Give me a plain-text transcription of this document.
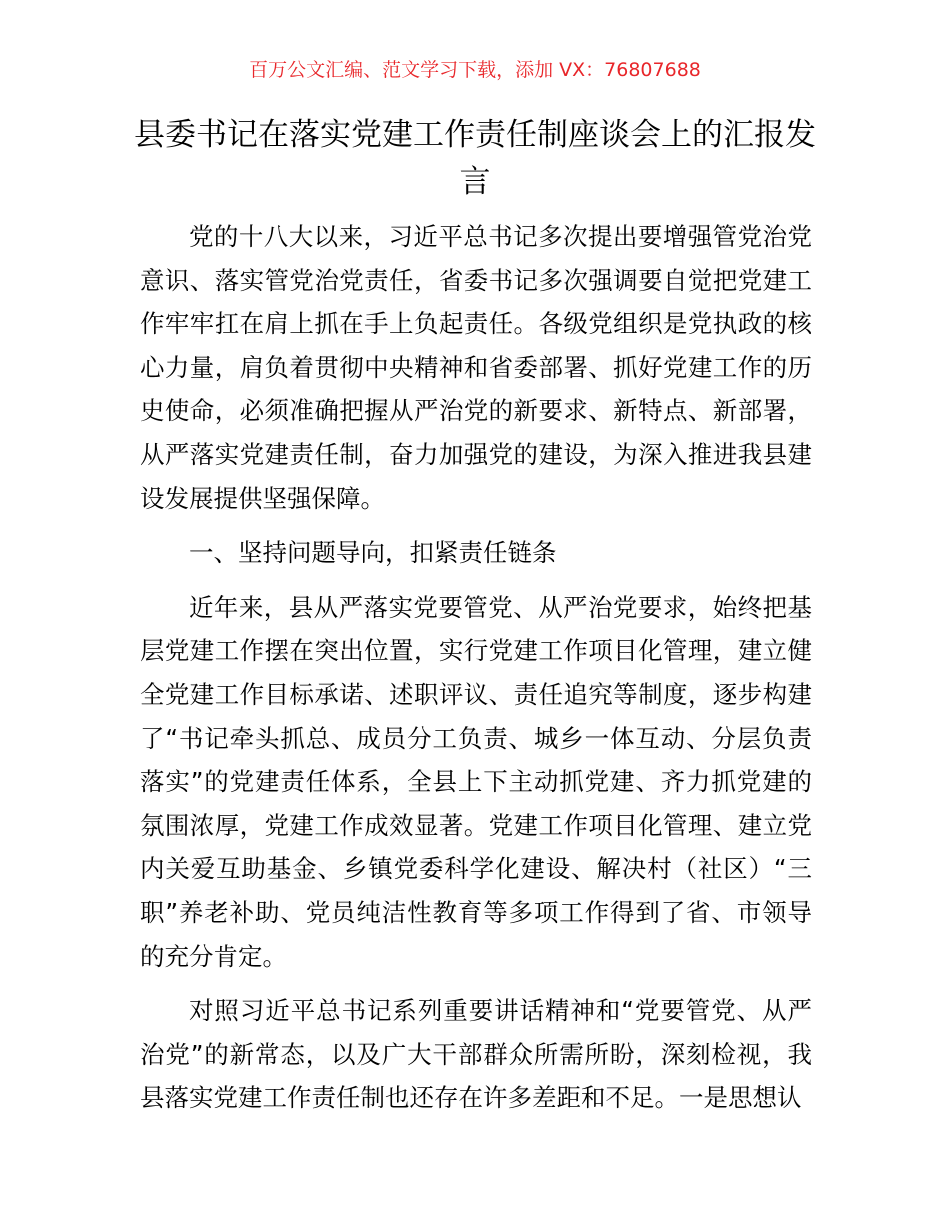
百万公文汇编、范文学习下载，添加 VX：76807688
县委书记在落实党建工作责任制座谈会上的汇报发言

党的十八大以来，习近平总书记多次提出要增强管党治党意识、落实管党治党责任，省委书记多次强调要自觉把党建工作牢牢扛在肩上抓在手上负起责任。各级党组织是党执政的核心力量，肩负着贯彻中央精神和省委部署、抓好党建工作的历史使命，必须准确把握从严治党的新要求、新特点、新部署，从严落实党建责任制，奋力加强党的建设，为深入推进我县建设发展提供坚强保障。

一、坚持问题导向，扣紧责任链条

近年来，县从严落实党要管党、从严治党要求，始终把基层党建工作摆在突出位置，实行党建工作项目化管理，建立健全党建工作目标承诺、述职评议、责任追究等制度，逐步构建了“书记牵头抓总、成员分工负责、城乡一体互动、分层负责落实”的党建责任体系，全县上下主动抓党建、齐力抓党建的氛围浓厚，党建工作成效显著。党建工作项目化管理、建立党内关爱互助基金、乡镇党委科学化建设、解决村（社区）“三职”养老补助、党员纯洁性教育等多项工作得到了省、市领导的充分肯定。

对照习近平总书记系列重要讲话精神和“党要管党、从严治党”的新常态，以及广大干部群众所需所盼，深刻检视，我县落实党建工作责任制也还存在许多差距和不足。一是思想认
